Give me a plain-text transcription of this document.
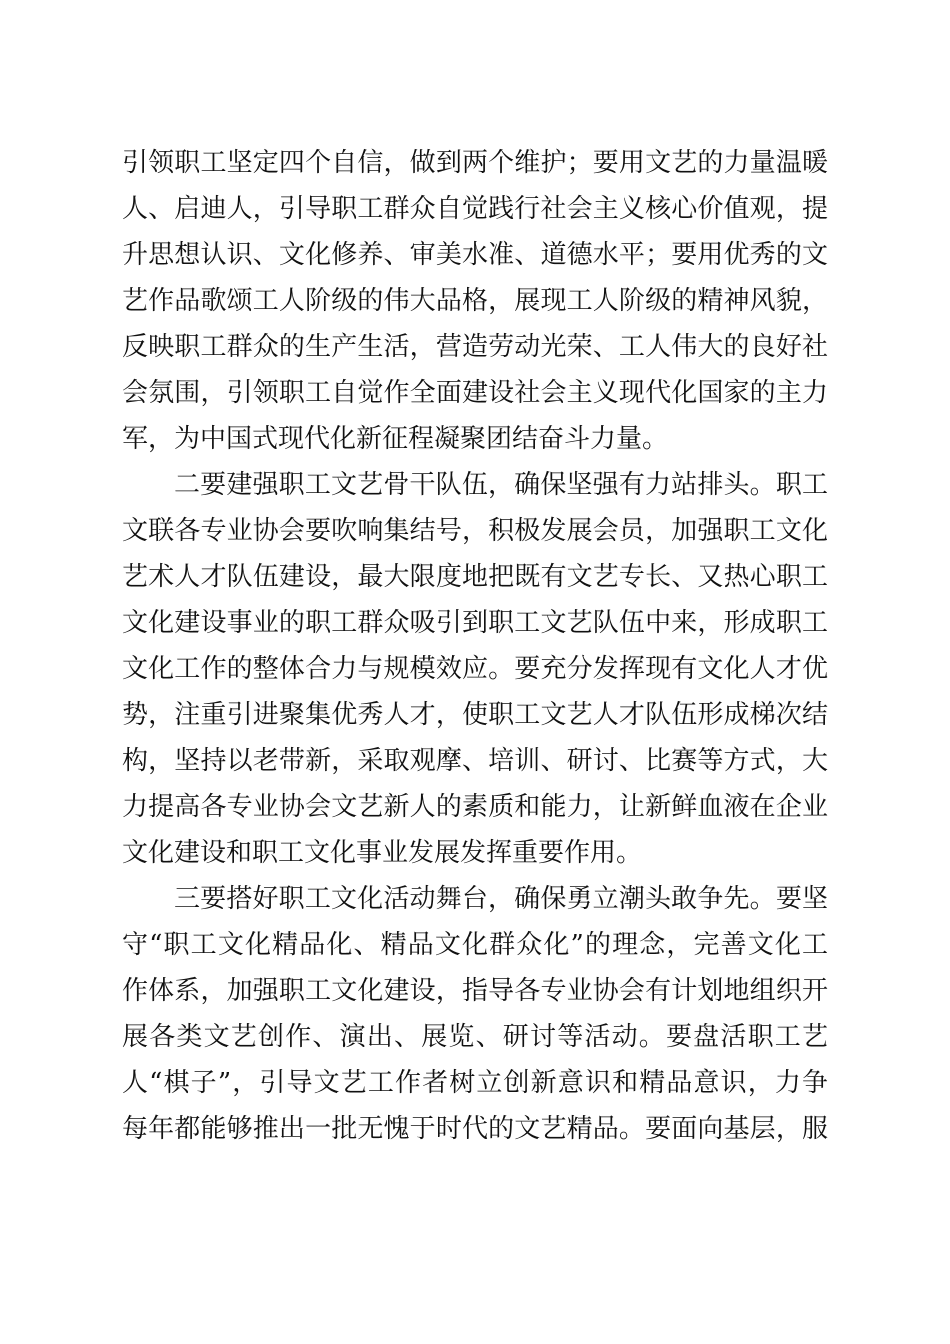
引领职工坚定四个自信，做到两个维护；要用文艺的力量温暖
人、启迪人，引导职工群众自觉践行社会主义核心价值观，提
升思想认识、文化修养、审美水准、道德水平；要用优秀的文
艺作品歌颂工人阶级的伟大品格，展现工人阶级的精神风貌，
反映职工群众的生产生活，营造劳动光荣、工人伟大的良好社
会氛围，引领职工自觉作全面建设社会主义现代化国家的主力
军，为中国式现代化新征程凝聚团结奋斗力量。
二要建强职工文艺骨干队伍，确保坚强有力站排头。职工
文联各专业协会要吹响集结号，积极发展会员，加强职工文化
艺术人才队伍建设，最大限度地把既有文艺专长、又热心职工
文化建设事业的职工群众吸引到职工文艺队伍中来，形成职工
文化工作的整体合力与规模效应。要充分发挥现有文化人才优
势，注重引进聚集优秀人才，使职工文艺人才队伍形成梯次结
构，坚持以老带新，采取观摩、培训、研讨、比赛等方式，大
力提高各专业协会文艺新人的素质和能力，让新鲜血液在企业
文化建设和职工文化事业发展发挥重要作用。
三要搭好职工文化活动舞台，确保勇立潮头敢争先。要坚
守“职工文化精品化、精品文化群众化”的理念，完善文化工
作体系，加强职工文化建设，指导各专业协会有计划地组织开
展各类文艺创作、演出、展览、研讨等活动。要盘活职工艺
人“棋子”，引导文艺工作者树立创新意识和精品意识，力争
每年都能够推出一批无愧于时代的文艺精品。要面向基层，服
